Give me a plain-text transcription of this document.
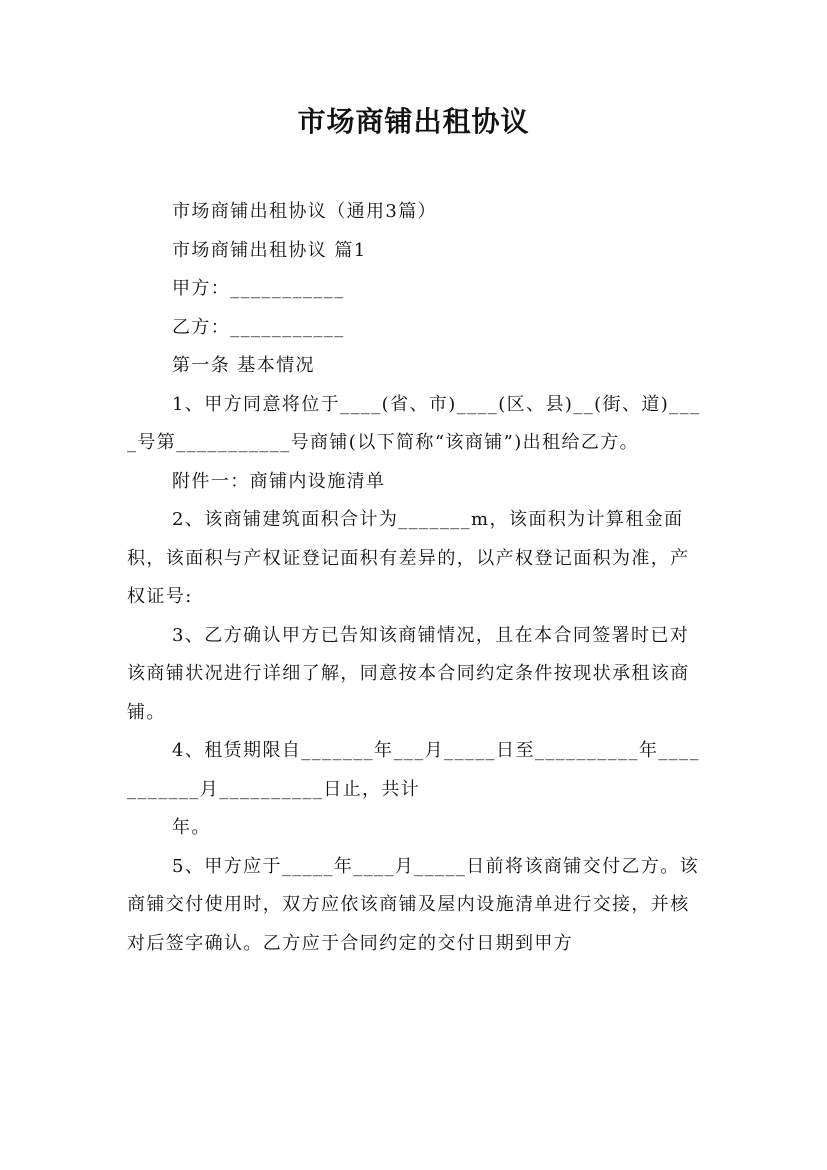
市场商铺出租协议

市场商铺出租协议（通用3篇）

市场商铺出租协议 篇1

甲方：___________

乙方：___________

第一条 基本情况

1、甲方同意将位于____(省、市)____(区、县)__(街、道)____号第___________号商铺(以下简称“该商铺”)出租给乙方。

附件一：商铺内设施清单

2、该商铺建筑面积合计为_______m，该面积为计算租金面积，该面积与产权证登记面积有差异的，以产权登记面积为准，产权证号:

3、乙方确认甲方已告知该商铺情况，且在本合同签署时已对该商铺状况进行详细了解，同意按本合同约定条件按现状承租该商铺。

4、租赁期限自_______年___月_____日至__________年___________月__________日止，共计

年。

5、甲方应于_____年____月_____日前将该商铺交付乙方。该商铺交付使用时，双方应依该商铺及屋内设施清单进行交接，并核对后签字确认。乙方应于合同约定的交付日期到甲方
